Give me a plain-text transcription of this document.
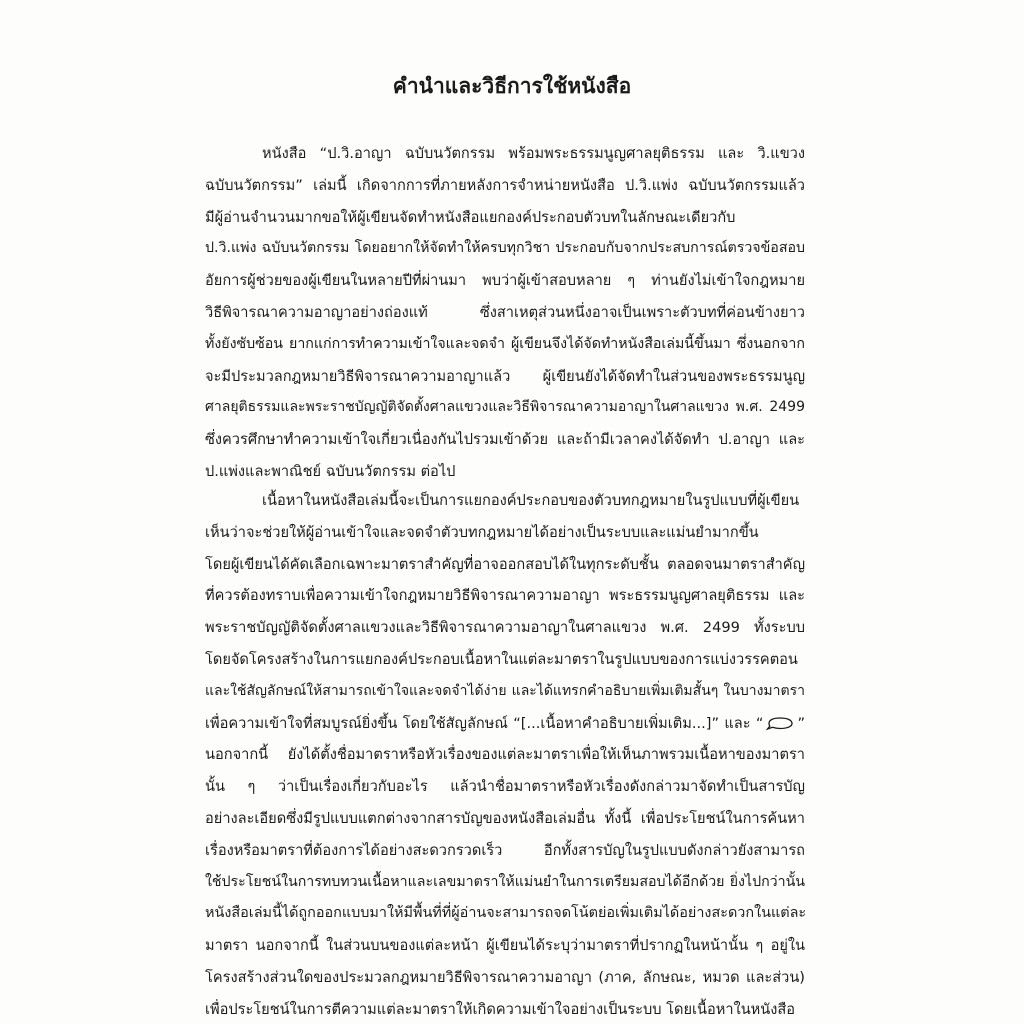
คำนำและวิธีการใช้หนังสือ
หนังสือ “ป.วิ.อาญา ฉบับนวัตกรรม พร้อมพระธรรมนูญศาลยุติธรรม และ วิ.แขวง
ฉบับนวัตกรรม” เล่มนี้ เกิดจากการที่ภายหลังการจำหน่ายหนังสือ ป.วิ.แพ่ง ฉบับนวัตกรรมแล้ว
มีผู้อ่านจำนวนมากขอให้ผู้เขียนจัดทำหนังสือแยกองค์ประกอบตัวบทในลักษณะเดียวกับ
ป.วิ.แพ่ง ฉบับนวัตกรรม โดยอยากให้จัดทำให้ครบทุกวิชา ประกอบกับจากประสบการณ์ตรวจข้อสอบ
อัยการผู้ช่วยของผู้เขียนในหลายปีที่ผ่านมา พบว่าผู้เข้าสอบหลาย ๆ ท่านยังไม่เข้าใจกฎหมาย
วิธีพิจารณาความอาญาอย่างถ่องแท้ ซึ่งสาเหตุส่วนหนึ่งอาจเป็นเพราะตัวบทที่ค่อนข้างยาว
ทั้งยังซับซ้อน ยากแก่การทำความเข้าใจและจดจำ ผู้เขียนจึงได้จัดทำหนังสือเล่มนี้ขึ้นมา ซึ่งนอกจาก
จะมีประมวลกฎหมายวิธีพิจารณาความอาญาแล้ว ผู้เขียนยังได้จัดทำในส่วนของพระธรรมนูญ
ศาลยุติธรรมและพระราชบัญญัติจัดตั้งศาลแขวงและวิธีพิจารณาความอาญาในศาลแขวง พ.ศ. 2499
ซึ่งควรศึกษาทำความเข้าใจเกี่ยวเนื่องกันไปรวมเข้าด้วย และถ้ามีเวลาคงได้จัดทำ ป.อาญา และ
ป.แพ่งและพาณิชย์ ฉบับนวัตกรรม ต่อไป
เนื้อหาในหนังสือเล่มนี้จะเป็นการแยกองค์ประกอบของตัวบทกฎหมายในรูปแบบที่ผู้เขียน
เห็นว่าจะช่วยให้ผู้อ่านเข้าใจและจดจำตัวบทกฎหมายได้อย่างเป็นระบบและแม่นยำมากขึ้น
โดยผู้เขียนได้คัดเลือกเฉพาะมาตราสำคัญที่อาจออกสอบได้ในทุกระดับชั้น ตลอดจนมาตราสำคัญ
ที่ควรต้องทราบเพื่อความเข้าใจกฎหมายวิธีพิจารณาความอาญา พระธรรมนูญศาลยุติธรรม และ
พระราชบัญญัติจัดตั้งศาลแขวงและวิธีพิจารณาความอาญาในศาลแขวง พ.ศ. 2499 ทั้งระบบ
โดยจัดโครงสร้างในการแยกองค์ประกอบเนื้อหาในแต่ละมาตราในรูปแบบของการแบ่งวรรคตอน
และใช้สัญลักษณ์ให้สามารถเข้าใจและจดจำได้ง่าย และได้แทรกคำอธิบายเพิ่มเติมสั้นๆ ในบางมาตรา
เพื่อความเข้าใจที่สมบูรณ์ยิ่งขึ้น โดยใช้สัญลักษณ์ “[...เนื้อหาคำอธิบายเพิ่มเติม...]” และ “ ”
นอกจากนี้ ยังได้ตั้งชื่อมาตราหรือหัวเรื่องของแต่ละมาตราเพื่อให้เห็นภาพรวมเนื้อหาของมาตรา
นั้น ๆ ว่าเป็นเรื่องเกี่ยวกับอะไร แล้วนำชื่อมาตราหรือหัวเรื่องดังกล่าวมาจัดทำเป็นสารบัญ
อย่างละเอียดซึ่งมีรูปแบบแตกต่างจากสารบัญของหนังสือเล่มอื่น ทั้งนี้ เพื่อประโยชน์ในการค้นหา
เรื่องหรือมาตราที่ต้องการได้อย่างสะดวกรวดเร็ว อีกทั้งสารบัญในรูปแบบดังกล่าวยังสามารถ
ใช้ประโยชน์ในการทบทวนเนื้อหาและเลขมาตราให้แม่นยำในการเตรียมสอบได้อีกด้วย ยิ่งไปกว่านั้น
หนังสือเล่มนี้ได้ถูกออกแบบมาให้มีพื้นที่ที่ผู้อ่านจะสามารถจดโน้ตย่อเพิ่มเติมได้อย่างสะดวกในแต่ละ
มาตรา นอกจากนี้ ในส่วนบนของแต่ละหน้า ผู้เขียนได้ระบุว่ามาตราที่ปรากฏในหน้านั้น ๆ อยู่ใน
โครงสร้างส่วนใดของประมวลกฎหมายวิธีพิจารณาความอาญา (ภาค, ลักษณะ, หมวด และส่วน)
เพื่อประโยชน์ในการตีความแต่ละมาตราให้เกิดความเข้าใจอย่างเป็นระบบ โดยเนื้อหาในหนังสือ
